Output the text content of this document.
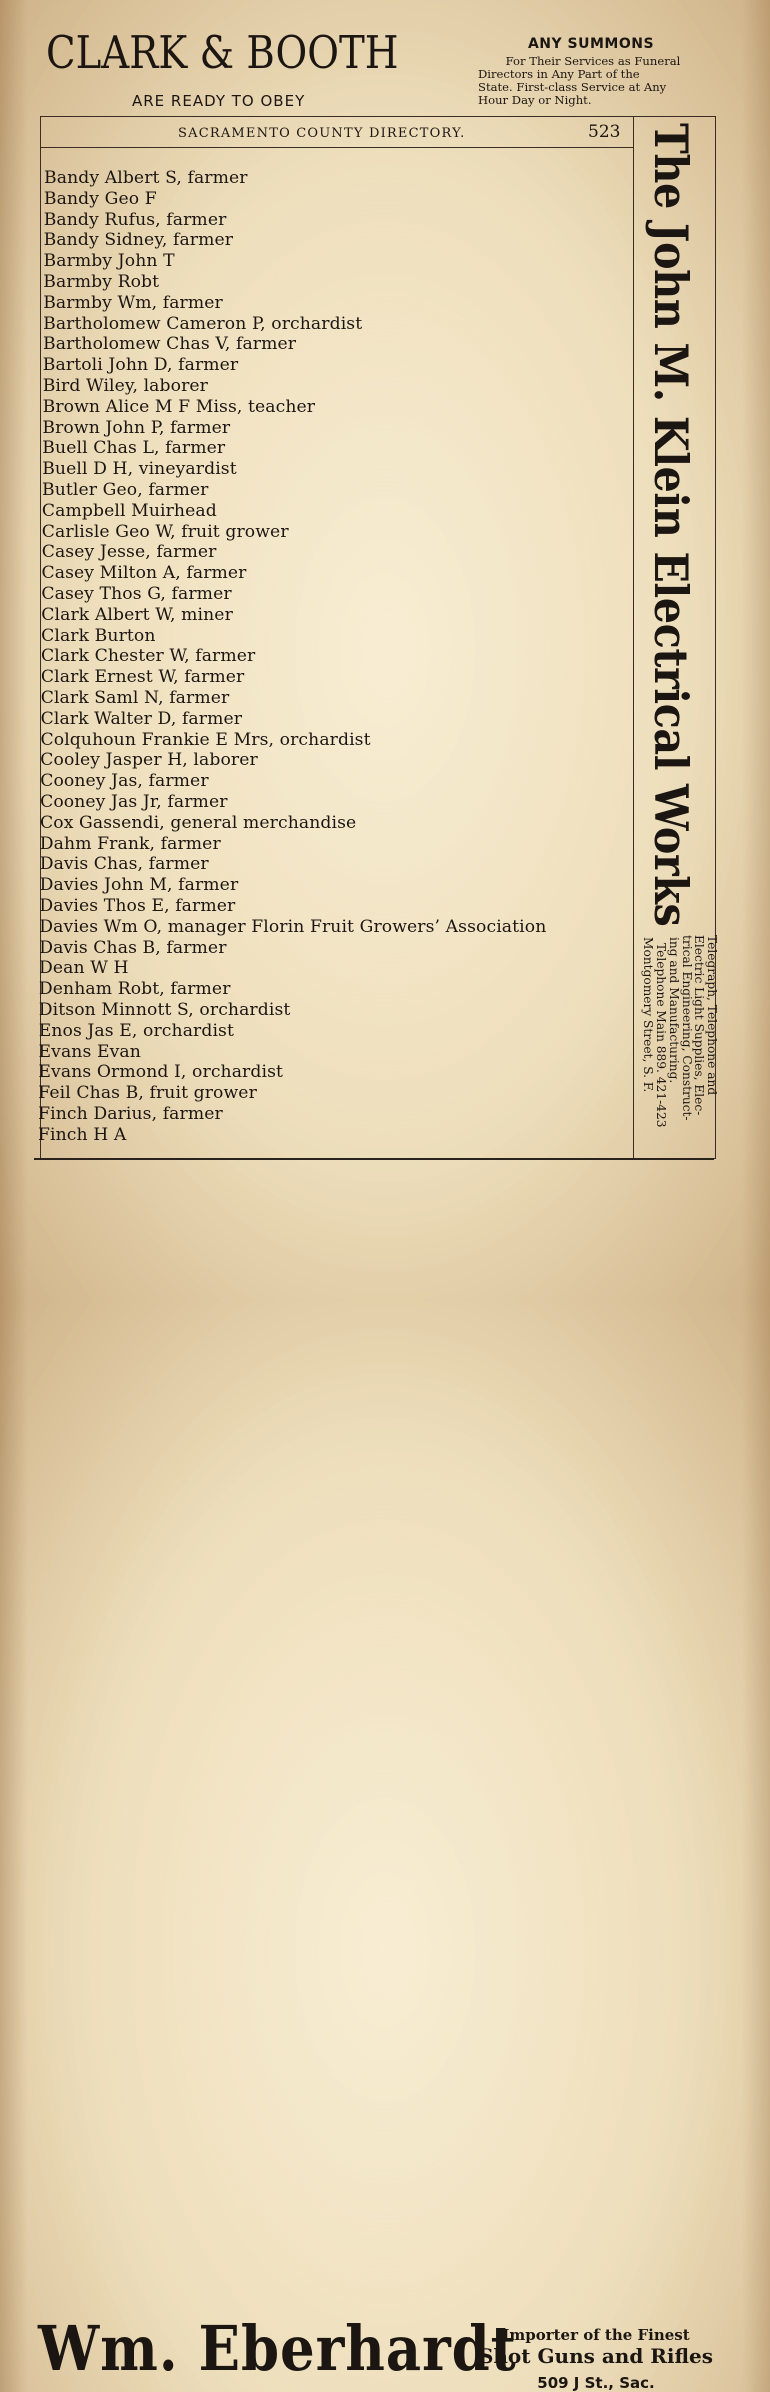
CLARK & BOOTH
ARE READY TO OBEY
ANY SUMMONS
For Their Services as Funeral
Directors in Any Part of the
State. First-class Service at Any
Hour Day or Night.
SACRAMENTO COUNTY DIRECTORY.	523
Bandy Albert S, farmer
Bandy Geo F
Bandy Rufus, farmer
Bandy Sidney, farmer
Barmby John T
Barmby Robt
Barmby Wm, farmer
Bartholomew Cameron P, orchardist
Bartholomew Chas V, farmer
Bartoli John D, farmer
Bird Wiley, laborer
Brown Alice M F Miss, teacher
Brown John P, farmer
Buell Chas L, farmer
Buell D H, vineyardist
Butler Geo, farmer
Campbell Muirhead
Carlisle Geo W, fruit grower
Casey Jesse, farmer
Casey Milton A, farmer
Casey Thos G, farmer
Clark Albert W, miner
Clark Burton
Clark Chester W, farmer
Clark Ernest W, farmer
Clark Saml N, farmer
Clark Walter D, farmer
Colquhoun Frankie E Mrs, orchardist
Cooley Jasper H, laborer
Cooney Jas, farmer
Cooney Jas Jr, farmer
Cox Gassendi, general merchandise
Dahm Frank, farmer
Davis Chas, farmer
Davies John M, farmer
Davies Thos E, farmer
Davies Wm O, manager Florin Fruit Growers’ Association
Davis Chas B, farmer
Dean W H
Denham Robt, farmer
Ditson Minnott S, orchardist
Enos Jas E, orchardist
Evans Evan
Evans Ormond I, orchardist
Feil Chas B, fruit grower
Finch Darius, farmer
Finch H A
The John M. Klein Electrical Works
Telegraph, Telephone and
Electric Light Supplies, Elec-
trical Engineering, Construct-
ing and Manufacturing.
Telephone Main 889. 421-423
Montgomery Street, S. F.
Wm. Eberhardt
Importer of the Finest
Shot Guns and Rifles
509 J St., Sac.
